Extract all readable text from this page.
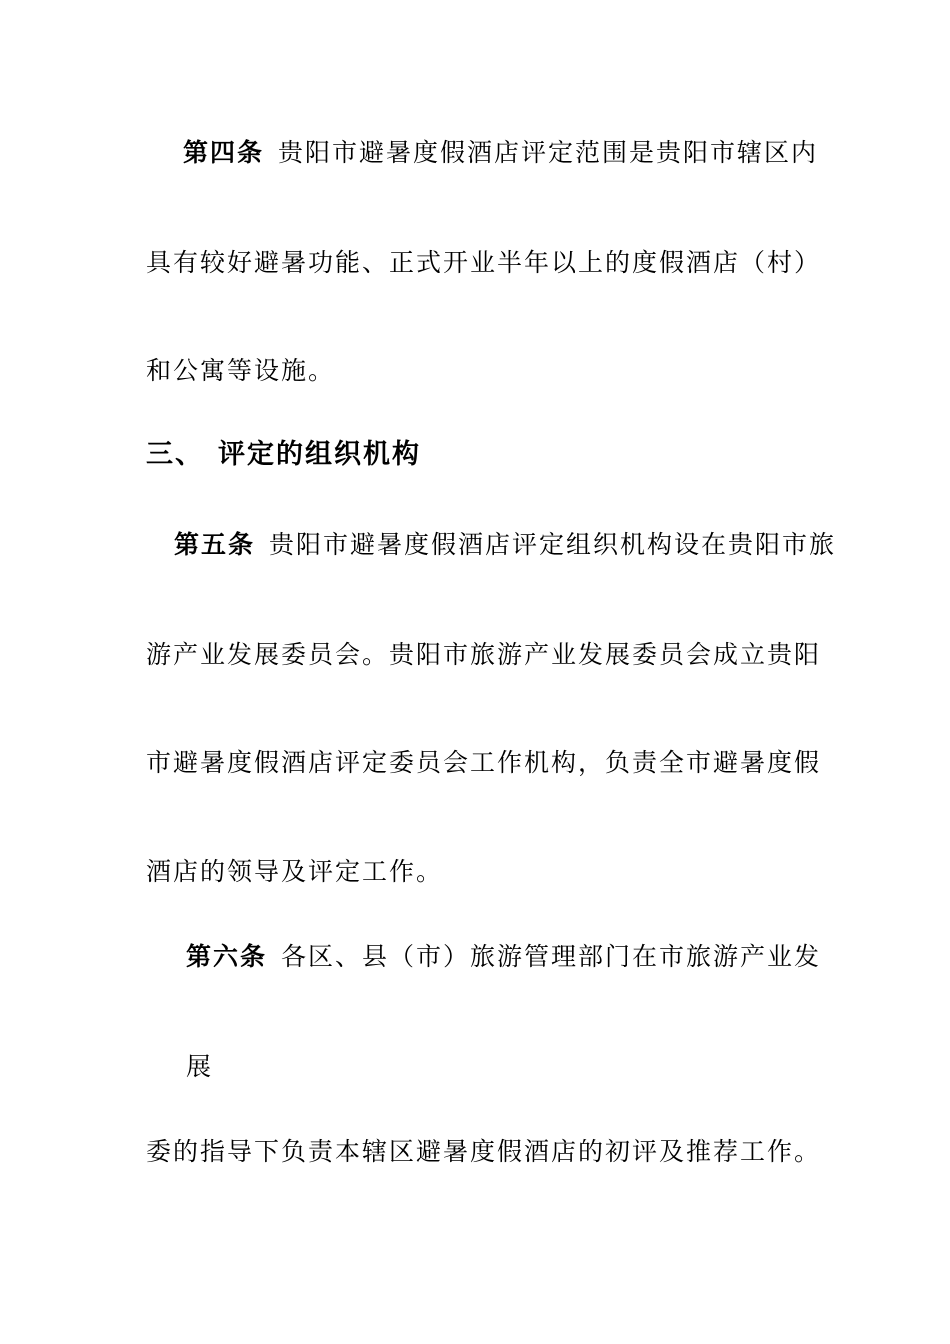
第四条 贵阳市避暑度假酒店评定范围是贵阳市辖区内
具有较好避暑功能、正式开业半年以上的度假酒店（村）
和公寓等设施。
三、 评定的组织机构
第五条 贵阳市避暑度假酒店评定组织机构设在贵阳市旅
游产业发展委员会。贵阳市旅游产业发展委员会成立贵阳
市避暑度假酒店评定委员会工作机构，负责全市避暑度假
酒店的领导及评定工作。
第六条 各区、县（市）旅游管理部门在市旅游产业发
展
委的指导下负责本辖区避暑度假酒店的初评及推荐工作。
